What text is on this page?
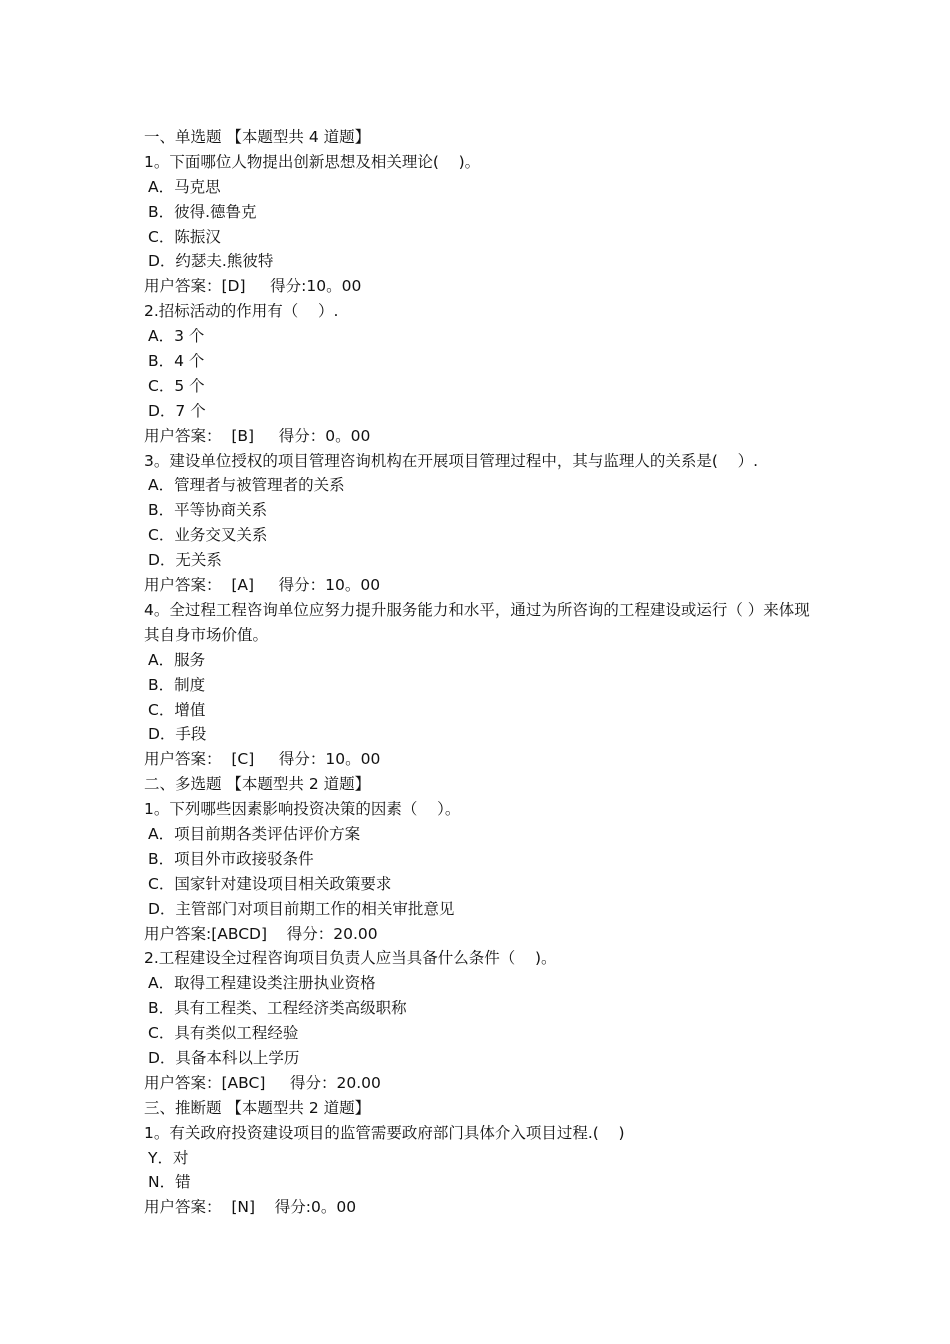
一、单选题 【本题型共 4 道题】
1。下面哪位人物提出创新思想及相关理论(    )。
A．马克思
B．彼得.德鲁克
C．陈振汉
D．约瑟夫.熊彼特
用户答案：[D]     得分:10。00
2.招标活动的作用有（    ）.
A．3 个
B．4 个
C．5 个
D．7 个
用户答案：  [B]     得分：0。00
3。建设单位授权的项目管理咨询机构在开展项目管理过程中，其与监理人的关系是(    ）.
A．管理者与被管理者的关系
B．平等协商关系
C．业务交叉关系
D．无关系
用户答案：  [A]     得分：10。00
4。全过程工程咨询单位应努力提升服务能力和水平，通过为所咨询的工程建设或运行（ ）来体现其自身市场价值。
A．服务
B．制度
C．增值
D．手段
用户答案：  [C]     得分：10。00
二、多选题 【本题型共 2 道题】
1。下列哪些因素影响投资决策的因素（    ）。
A．项目前期各类评估评价方案
B．项目外市政接驳条件
C．国家针对建设项目相关政策要求
D．主管部门对项目前期工作的相关审批意见
用户答案:[ABCD]    得分：20.00
2.工程建设全过程咨询项目负责人应当具备什么条件（    )。
A．取得工程建设类注册执业资格
B．具有工程类、工程经济类高级职称
C．具有类似工程经验
D．具备本科以上学历
用户答案：[ABC]     得分：20.00
三、推断题 【本题型共 2 道题】
1。有关政府投资建设项目的监管需要政府部门具体介入项目过程.(    )
Y．对
N．错
用户答案：  [N]    得分:0。00
